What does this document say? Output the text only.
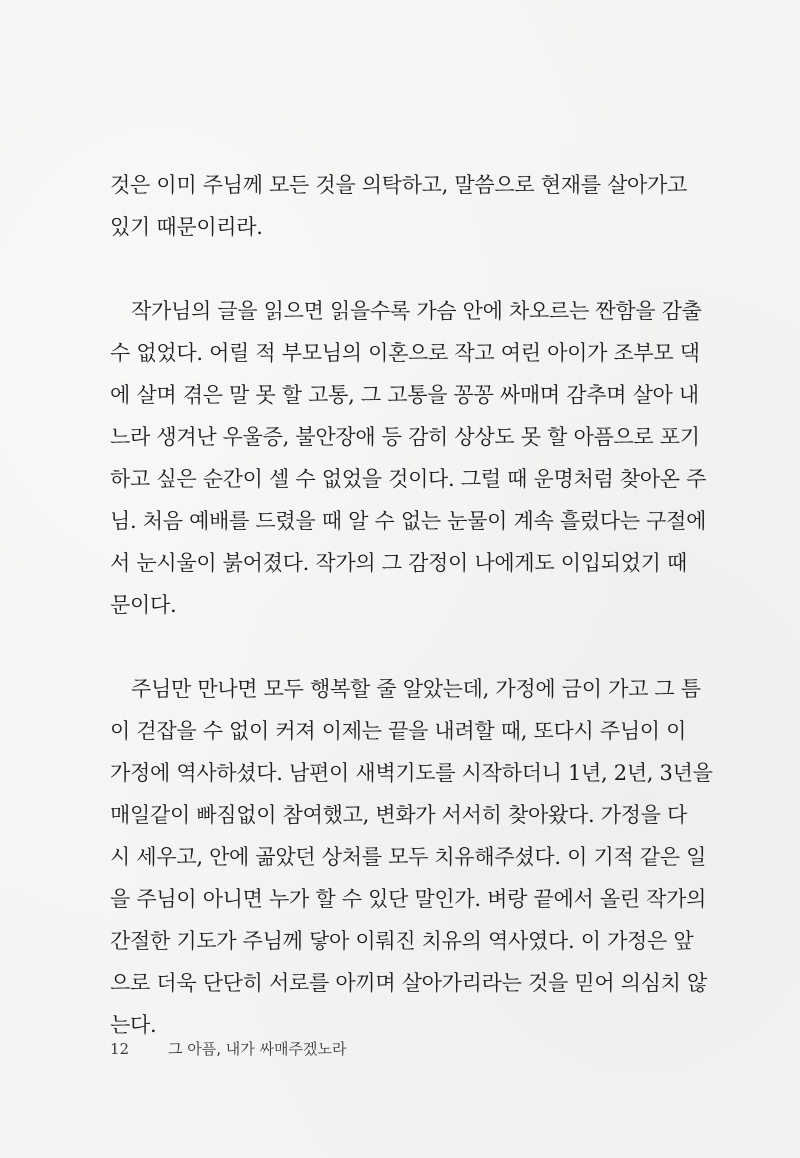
것은 이미 주님께 모든 것을 의탁하고, 말씀으로 현재를 살아가고
있기 때문이리라.
작가님의 글을 읽으면 읽을수록 가슴 안에 차오르는 짠함을 감출
수 없었다. 어릴 적 부모님의 이혼으로 작고 여린 아이가 조부모 댁
에 살며 겪은 말 못 할 고통, 그 고통을 꽁꽁 싸매며 감추며 살아 내
느라 생겨난 우울증, 불안장애 등 감히 상상도 못 할 아픔으로 포기
하고 싶은 순간이 셀 수 없었을 것이다. 그럴 때 운명처럼 찾아온 주
님. 처음 예배를 드렸을 때 알 수 없는 눈물이 계속 흘렀다는 구절에
서 눈시울이 붉어졌다. 작가의 그 감정이 나에게도 이입되었기 때
문이다.
주님만 만나면 모두 행복할 줄 알았는데, 가정에 금이 가고 그 틈
이 걷잡을 수 없이 커져 이제는 끝을 내려할 때, 또다시 주님이 이
가정에 역사하셨다. 남편이 새벽기도를 시작하더니 1년, 2년, 3년을
매일같이 빠짐없이 참여했고, 변화가 서서히 찾아왔다. 가정을 다
시 세우고, 안에 곪았던 상처를 모두 치유해주셨다. 이 기적 같은 일
을 주님이 아니면 누가 할 수 있단 말인가. 벼랑 끝에서 올린 작가의
간절한 기도가 주님께 닿아 이뤄진 치유의 역사였다. 이 가정은 앞
으로 더욱 단단히 서로를 아끼며 살아가리라는 것을 믿어 의심치 않
는다.
12	그 아픔, 내가 싸매주겠노라
